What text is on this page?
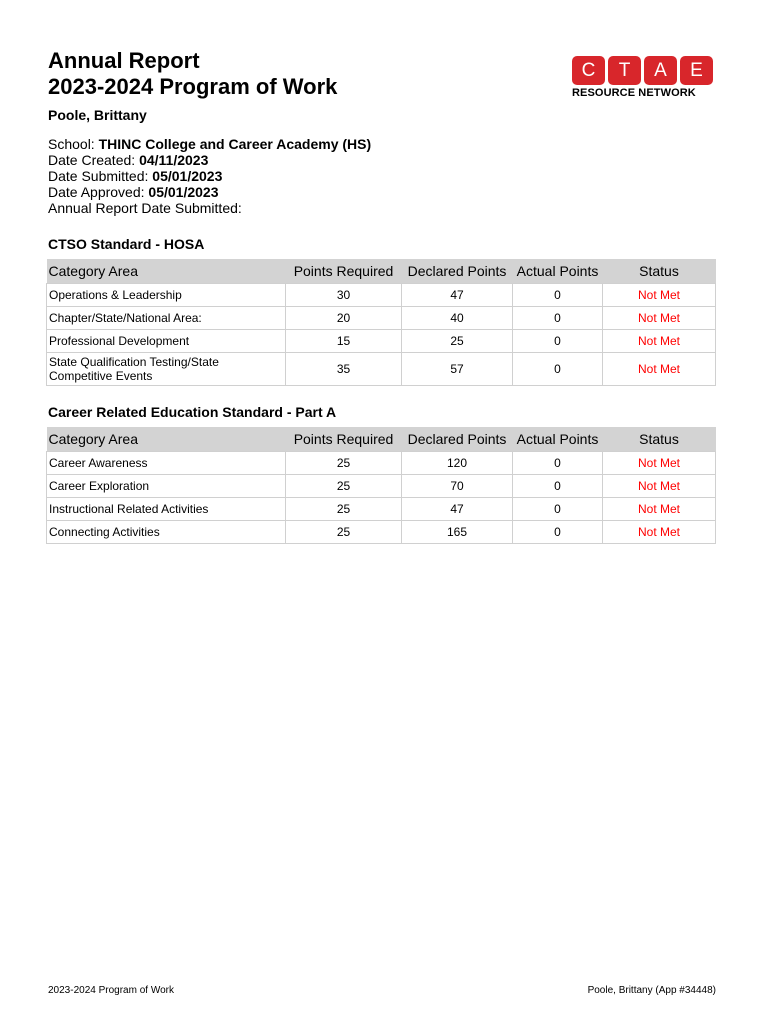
Annual Report
2023-2024 Program of Work
C	T	A	E
RESOURCE NETWORK
Poole, Brittany
School: THINC College and Career Academy (HS)
Date Created: 04/11/2023
Date Submitted: 05/01/2023
Date Approved: 05/01/2023
Annual Report Date Submitted:
CTSO Standard - HOSA
Category Area	Points Required	Declared Points	Actual Points	Status
Operations & Leadership	30	47	0	Not Met
Chapter/State/National Area:	20	40	0	Not Met
Professional Development	15	25	0	Not Met
State Qualification Testing/State Competitive Events	35	57	0	Not Met
Career Related Education Standard - Part A
Category Area	Points Required	Declared Points	Actual Points	Status
Career Awareness	25	120	0	Not Met
Career Exploration	25	70	0	Not Met
Instructional Related Activities	25	47	0	Not Met
Connecting Activities	25	165	0	Not Met
2023-2024 Program of Work	Poole, Brittany (App #34448)
